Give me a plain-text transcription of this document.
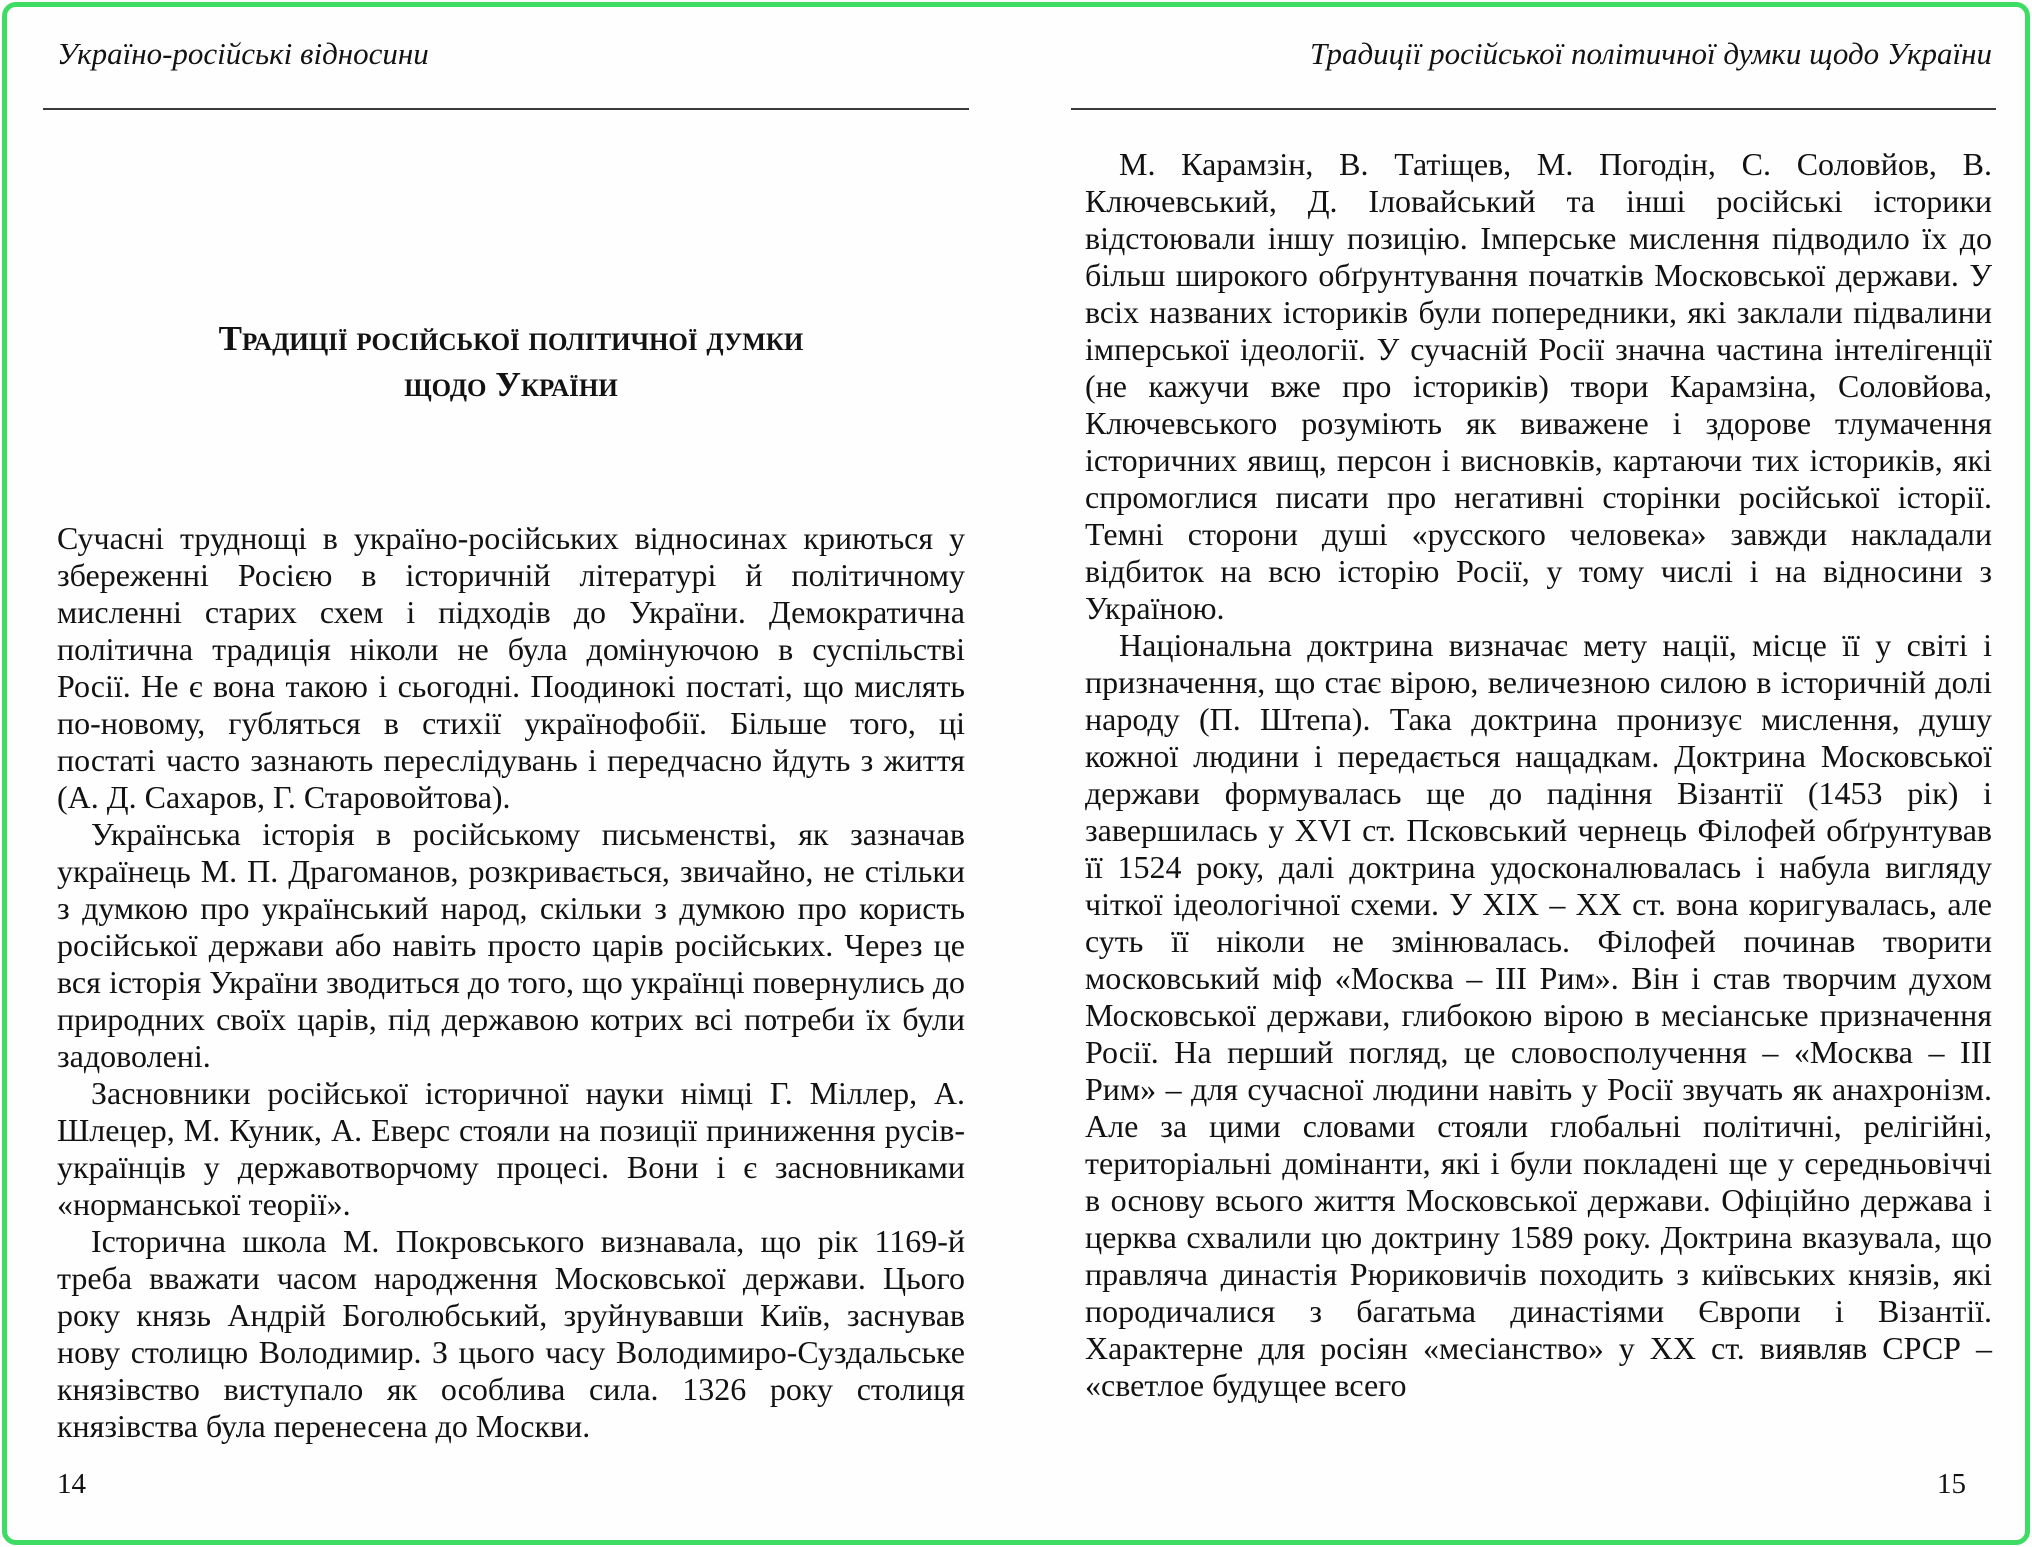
Україно-російські відносини
Традиції російської політичної думки
щодо України

Сучасні труднощі в україно-російських відносинах криються у збереженні Росією в історичній літературі й політичному мисленні старих схем і підходів до України. Демократична політична традиція ніколи не була домінуючою в суспільстві Росії. Не є вона такою і сьогодні. Поодинокі постаті, що мислять по-новому, губляться в стихії українофобії. Більше того, ці постаті часто зазнають переслідувань і передчасно йдуть з життя (А. Д. Сахаров, Г. Старовойтова).

Українська історія в російському письменстві, як зазначав українець М. П. Драгоманов, розкривається, звичайно, не стільки з думкою про український народ, скільки з думкою про користь російської держави або навіть просто царів російських. Через це вся історія України зводиться до того, що українці повернулись до природних своїх царів, під державою котрих всі потреби їх були задоволені.

Засновники російської історичної науки німці Г. Міллер, А. Шлецер, М. Куник, А. Еверс стояли на позиції приниження русів-українців у державотворчому процесі. Вони і є засновниками «норманської теорії».

Історична школа М. Покровського визнавала, що рік 1169-й треба вважати часом народження Московської держави. Цього року князь Андрій Боголюбський, зруйнувавши Київ, заснував нову столицю Володимир. З цього часу Володимиро-Суздальське князівство виступало як особлива сила. 1326 року столиця князівства була перенесена до Москви.

14
Традиції російської політичної думки щодо України

М. Карамзін, В. Татіщев, М. Погодін, С. Соловйов, В. Ключевський, Д. Іловайський та інші російські історики відстоювали іншу позицію. Імперське мислення підводило їх до більш широкого обґрунтування початків Московської держави. У всіх названих істориків були попередники, які заклали підвалини імперської ідеології. У сучасній Росії значна частина інтелігенції (не кажучи вже про істориків) твори Карамзіна, Соловйова, Ключевського розуміють як виважене і здорове тлумачення історичних явищ, персон і висновків, картаючи тих істориків, які спромоглися писати про негативні сторінки російської історії. Темні сторони душі «русского человека» завжди накладали відбиток на всю історію Росії, у тому числі і на відносини з Україною.

Національна доктрина визначає мету нації, місце її у світі і призначення, що стає вірою, величезною силою в історичній долі народу (П. Штепа). Така доктрина пронизує мислення, душу кожної людини і передається нащадкам. Доктрина Московської держави формувалась ще до падіння Візантії (1453 рік) і завершилась у XVI ст. Псковський чернець Філофей обґрунтував її 1524 року, далі доктрина удосконалювалась і набула вигляду чіткої ідеологічної схеми. У XIX – XX ст. вона коригувалась, але суть її ніколи не змінювалась. Філофей починав творити московський міф «Москва – III Рим». Він і став творчим духом Московської держави, глибокою вірою в месіанське призначення Росії. На перший погляд, це словосполучення – «Москва – III Рим» – для сучасної людини навіть у Росії звучать як анахронізм. Але за цими словами стояли глобальні політичні, релігійні, територіальні домінанти, які і були покладені ще у середньовіччі в основу всього життя Московської держави. Офіційно держава і церква схвалили цю доктрину 1589 року. Доктрина вказувала, що правляча династія Рюриковичів походить з київських князів, які породичалися з багатьма династіями Європи і Візантії. Характерне для росіян «месіанство» у XX ст. виявляв СРСР – «светлое будущее всего

15
